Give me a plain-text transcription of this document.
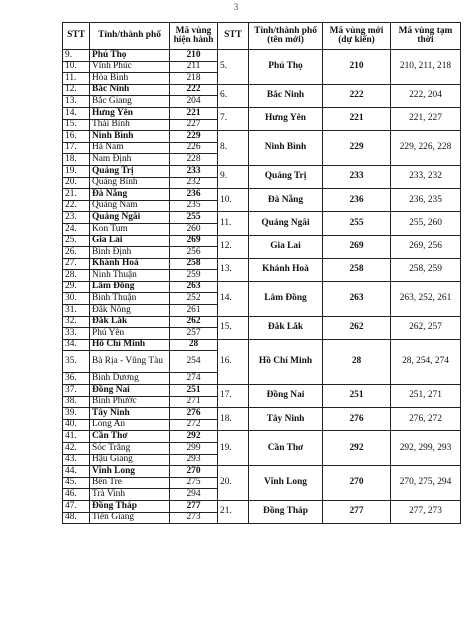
3
STT	Tỉnh/thành phố	Mã vùng hiện hành	STT	Tỉnh/thành phố (tên mới)	Mã vùng mới (dự kiến)	Mã vùng tạm thời
9.	Phú Thọ	210	5.	Phú Thọ	210	210, 211, 218
10.	Vĩnh Phúc	211				
11.	Hòa Bình	218				
12.	Bắc Ninh	222	6.	Bắc Ninh	222	222, 204
13.	Bắc Giang	204				
14.	Hưng Yên	221	7.	Hưng Yên	221	221, 227
15.	Thái Bình	227				
16.	Ninh Bình	229	8.	Ninh Bình	229	229, 226, 228
17.	Hà Nam	226				
18.	Nam Định	228				
19.	Quảng Trị	233	9.	Quảng Trị	233	233, 232
20.	Quảng Bình	232				
21.	Đà Nẵng	236	10.	Đà Nẵng	236	236, 235
22.	Quảng Nam	235				
23.	Quảng Ngãi	255	11.	Quảng Ngãi	255	255, 260
24.	Kon Tum	260				
25.	Gia Lai	269	12.	Gia Lai	269	269, 256
26.	Bình Định	256				
27.	Khánh Hoà	258	13.	Khánh Hoà	258	258, 259
28.	Ninh Thuận	259				
29.	Lâm Đồng	263	14.	Lâm Đồng	263	263, 252, 261
30.	Bình Thuận	252				
31.	Đắk Nông	261				
32.	Đắk Lắk	262	15.	Đắk Lắk	262	262, 257
33.	Phú Yên	257				
34.	Hồ Chí Minh	28	16.	Hồ Chí Minh	28	28, 254, 274
35.	Bà Rịa - Vũng Tàu	254				
36.	Bình Dương	274				
37.	Đồng Nai	251	17.	Đồng Nai	251	251, 271
38.	Bình Phước	271				
39.	Tây Ninh	276	18.	Tây Ninh	276	276, 272
40.	Long An	272				
41.	Cần Thơ	292	19.	Cần Thơ	292	292, 299, 293
42.	Sóc Trăng	299				
43.	Hậu Giang	293				
44.	Vĩnh Long	270	20.	Vĩnh Long	270	270, 275, 294
45.	Bến Tre	275				
46.	Trà Vinh	294				
47.	Đồng Tháp	277	21.	Đồng Tháp	277	277, 273
48.	Tiền Giang	273				
